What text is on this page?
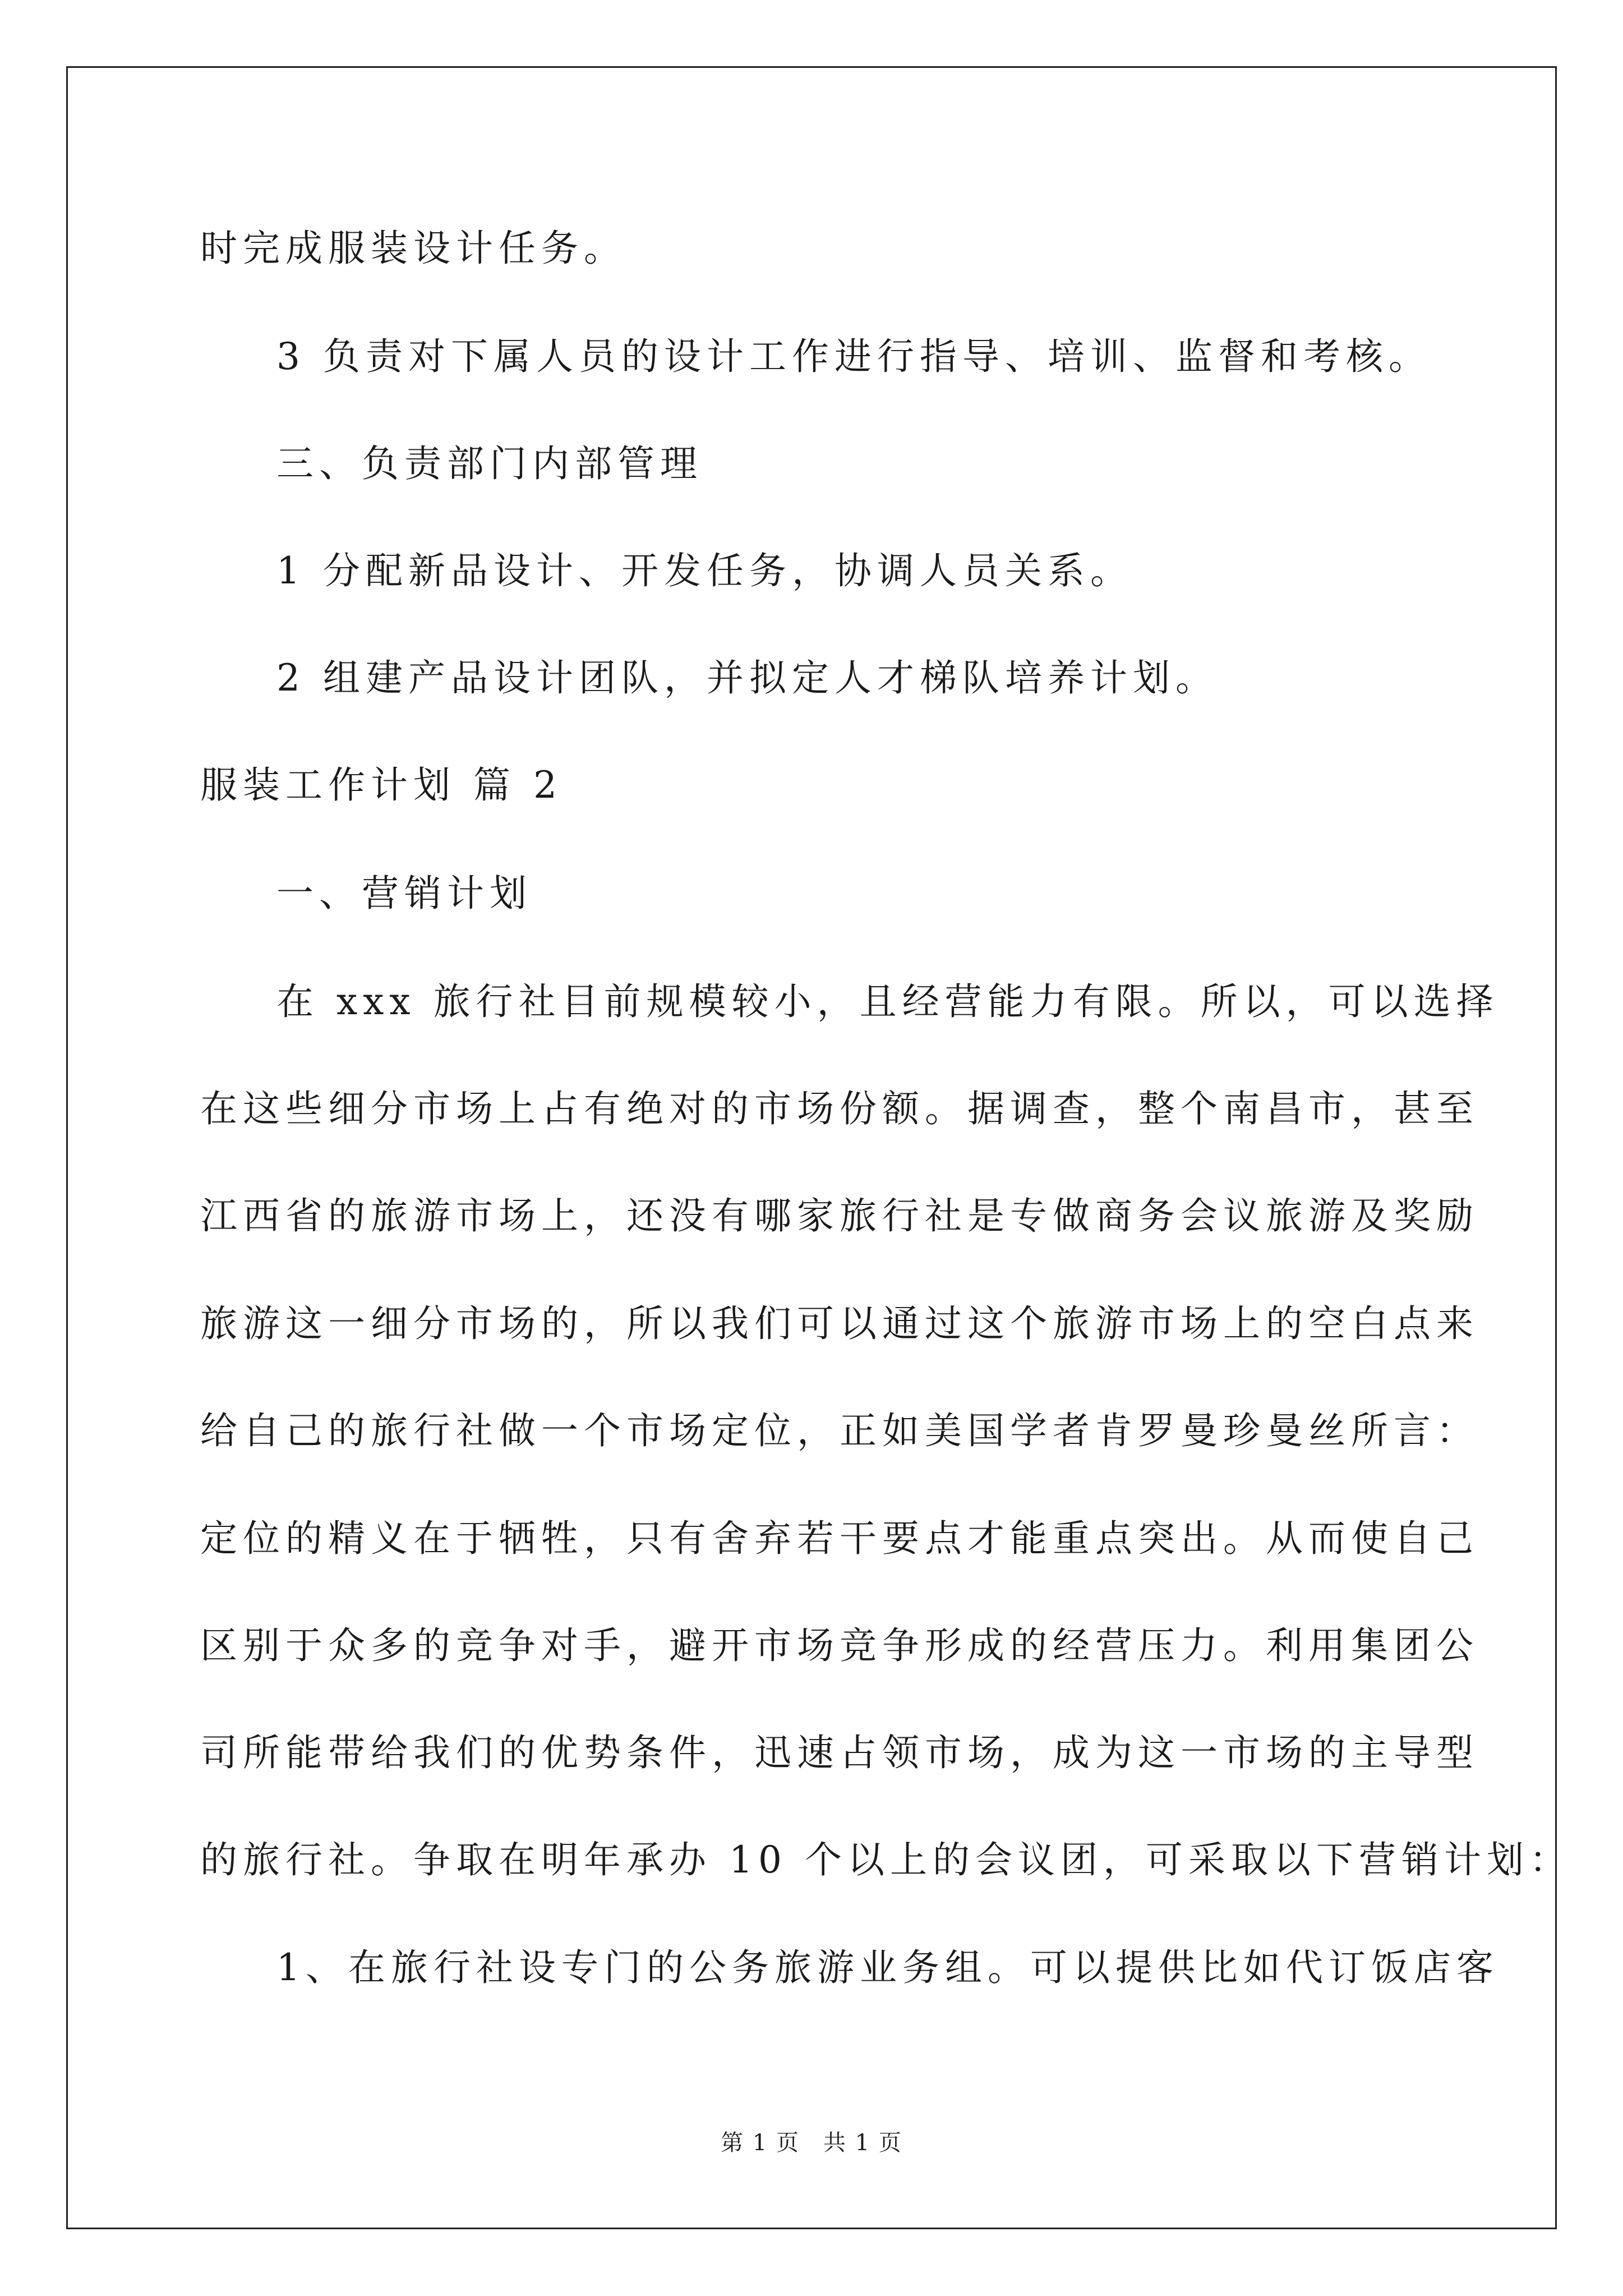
时完成服装设计任务。
3 负责对下属人员的设计工作进行指导、培训、监督和考核。
三、负责部门内部管理
1 分配新品设计、开发任务，协调人员关系。
2 组建产品设计团队，并拟定人才梯队培养计划。
服装工作计划 篇 2
一、营销计划
在 xxx 旅行社目前规模较小，且经营能力有限。所以，可以选择
在这些细分市场上占有绝对的市场份额。据调查，整个南昌市，甚至
江西省的旅游市场上，还没有哪家旅行社是专做商务会议旅游及奖励
旅游这一细分市场的，所以我们可以通过这个旅游市场上的空白点来
给自己的旅行社做一个市场定位，正如美国学者肯罗曼珍曼丝所言：
定位的精义在于牺牲，只有舍弃若干要点才能重点突出。从而使自己
区别于众多的竞争对手，避开市场竞争形成的经营压力。利用集团公
司所能带给我们的优势条件，迅速占领市场，成为这一市场的主导型
的旅行社。争取在明年承办 10 个以上的会议团，可采取以下营销计划：
1、在旅行社设专门的公务旅游业务组。可以提供比如代订饭店客
第 1 页　共 1 页
